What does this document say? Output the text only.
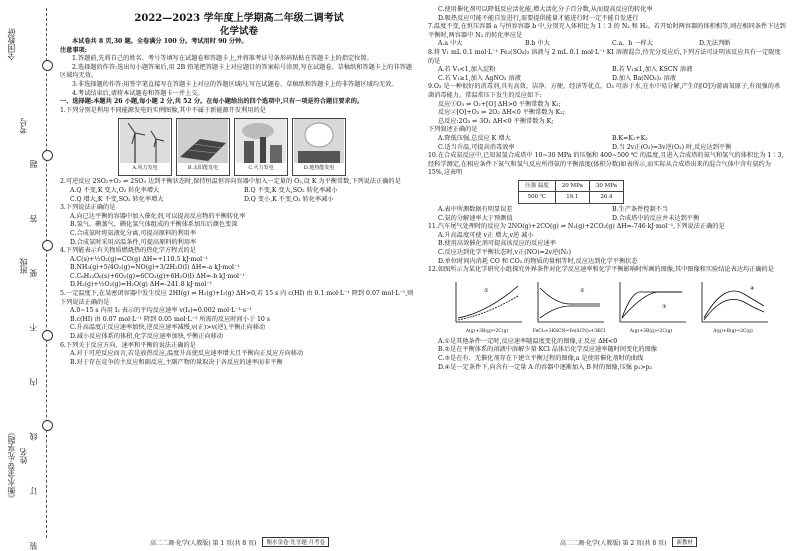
《衡水金卷·先享题》 姓名
班级
考号
全国教研
装 订 线 内 不 要 答 题
2022—2023 学年度上学期高二年级二调考试
化学试卷

本试卷共 8 页,30 题。全卷满分 100 分。考试用时 90 分钟。

注意事项:

1.答题前,先将自己的姓名、考号等填写在试题卷和答题卡上,并将准考证号条形码粘贴在答题卡上的指定位置。

2.选择题的作答:选出每小题答案后,用 2B 铅笔把答题卡上对应题目的答案标号涂黑,写在试题卷、草稿纸和答题卡上的非答题区域均无效。

3.非选择题的作答:用签字笔直接写在答题卡上对应的答题区域内,写在试题卷、草稿纸和答题卡上的非答题区域均无效。

4.考试结束后,请将本试题卷和答题卡一并上交。

一、选择题:本题共 26 小题,每小题 2 分,共 52 分。在每小题给出的四个选项中,只有一项是符合题目要求的。

1.下列分别是利用不同能源发电的实例图像,其中不属于新能源开发利用的是

A.风力发电	B.太阳能发电	C.火力发电	D.地热能发电

2.可逆反应 2SO₂+O₂ ⇌ 2SO₃ 达到平衡状态时,保持恒温恒容向容器中加入一定量的 O₂,设 K 为平衡常数,下列说法正确的是

A.Q 不变,K 变大,O₂ 转化率增大	B.Q 不变,K 变大,SO₂ 转化率减小
C.Q 增大,K 不变,SO₂ 转化率增大	D.Q 变小,K 不变,O₂ 转化率减小

3.下列说法正确的是

A.向已达平衡的容器中加入催化剂,可以提高反应物的平衡转化率

B.氢气、碘蒸气、碘化氢气体组成的平衡体系加压后颜色变深

C.合成氨时将氨液化分离,可提高原料的利用率

D.合成氨时采用高温条件,可提高原料的利用率

4.下列能表示有关物质燃烧热的热化学方程式的是

A.C(s)+½O₂(g)=CO(g) ΔH=+110.5 kJ·mol⁻¹

B.NH₃(g)+5/4O₂(g)=NO(g)+3/2H₂O(l) ΔH=-a kJ·mol⁻¹

C.C₆H₁₂O₆(s)+6O₂(g)=6CO₂(g)+6H₂O(l) ΔH=-b kJ·mol⁻¹

D.H₂(g)+½O₂(g)=H₂O(g) ΔH=-241.8 kJ·mol⁻¹

5.一定温度下,在某密闭容器中发生反应 2HI(g) ⇌ H₂(g)+I₂(g) ΔH>0,若 15 s 内 c(HI) 由 0.1 mol·L⁻¹ 降到 0.07 mol·L⁻¹,则下列说法正确的是

A.0~15 s 内用 I₂ 表示的平均反应速率 v(I₂)=0.002 mol·L⁻¹·s⁻¹

B.c(HI) 由 0.07 mol·L⁻¹ 降到 0.05 mol·L⁻¹ 所需的反应时间小于 10 s

C.升高温度正反应速率加快,逆反应速率减慢,v(正)>v(逆),平衡正向移动

D.减小反应体系的体积,化学反应速率加快,平衡正向移动

6.下列关于反应方向、速率和平衡的说法正确的是

A.对于可逆反应而言,若是放热反应,温度升高使反应速率增大且平衡向正反应方向移动

B.对于存在竞争的主反应和副反应,主副产物的量取决于各反应的速率而非平衡

C.使用催化剂可以降低反应活化能,增大活化分子百分数,从而提高反应的转化率

D.吸热反应可能不能自发进行,需要提供能量才能进行时一定不能自发进行

7.温度不变,在恒压容器 a 与恒容容器 b 中,分别充入体积比为 1∶3 的 N₂ 和 H₂。若开始时两容器的体积相等,则在相同条件下达到平衡时,两容器中 N₂ 的转化率应是

A.a 中大	B.b 中大	C.a、b 一样大	D.无法判断

8.将 V₁ mL 0.1 mol·L⁻¹ Fe₂(SO₄)₃ 溶液与 2 mL 0.1 mol·L⁻¹ KI 溶液混合,待充分反应后,下列方法可证明该反应具有一定限度的是

A.若 V₁<1,加入淀粉	B.若 V₁≤1,加入 KSCN 溶液
C.若 V₁≥1,加入 AgNO₃ 溶液	D.加入 Ba(NO₃)₂ 溶液

9.O₃ 是一种很好的消毒剂,具有高效、洁净、方便、经济等优点。O₃ 可溶于水,在水中易分解,产生的[O]为游离氧原子,有很强的杀菌消毒能力。常温常压下发生的反应如下:

反应①O₃ ⇌ O₂+[O] ΔH>0 平衡常数为 K₁;

反应②[O]+O₃ ⇌ 2O₂ ΔH<0 平衡常数为 K₂;

总反应:2O₃ ⇌ 3O₂ ΔH<0 平衡常数为 K;

下列叙述正确的是

A.降低压强,总反应 K 增大	B.K=K₁+K₂
C.适当升温,可提高消毒效率	D.当 2v正(O₃)=3v逆(O₂) 时,反应达到平衡

10.在合成氨反应中,已知氮氢合成塔中 10~30 MPa 的压强和 400~500 ℃ 的温度,且进入合成塔的氮气和氢气的体积比为 1∶3,经科学测定,在相应条件下氮气和氢气反应所得氨的平衡浓度(体积分数)如表所示,而实际从合成塔出来的混合气体中含有氨约为 15%,这表明

压强 温度	20 MPa	30 MPa
500 ℃	19.1	26.4
A.表中所测数据有明显误差	B.生产条件控制不当
C.氨的分解速率大于预测值	D.合成塔中的反应并未达到平衡

11.汽车尾气处理时的反应为 2NO(g)+2CO(g) ⇌ N₂(g)+2CO₂(g) ΔH=-746 kJ·mol⁻¹,下列说法正确的是

A.升高温度可使 v正 增大,v逆 减小

B.使用高效催化剂可提高该反应的反应速率

C.反应达到化学平衡状态时,v正(NO)=2v逆(N₂)

D.单位时间内消耗 CO 和 CO₂ 的物质的量相等时,反应达到化学平衡状态

12.如图所示为某化学研究小组探究外界条件对化学反应速率和化学平衡影响时所画的图像,其中图像和实验结论表达均正确的是

①
A(g)+3B(g)⇌2C(g)
②
FeCl₃+3KSCN⇌Fe(SCN)₃+3KCl
③
A(g)+3B(g)⇌2C(g)
④
A(g)+B(g)⇌2C(g)

A.①是其他条件一定时,反应速率随温度变化的图像,正反应 ΔH<0

B.②是在平衡体系的溶液中溶解少量 KCl 晶体后化学反应速率随时间变化的图像

C.③是在有、无催化剂存在下建立平衡过程的图像,a 是使用催化剂时的曲线

D.④是一定条件下,向含有一定量 A 的容器中逐渐加入 B 时的图像,压强 p₁>p₂

高二二调·化学(人教版) 第 1 页(共 8 页)	衡水金卷·先享题·月考卷	高二二调·化学(人教版) 第 2 页(共 8 页)	新教材
